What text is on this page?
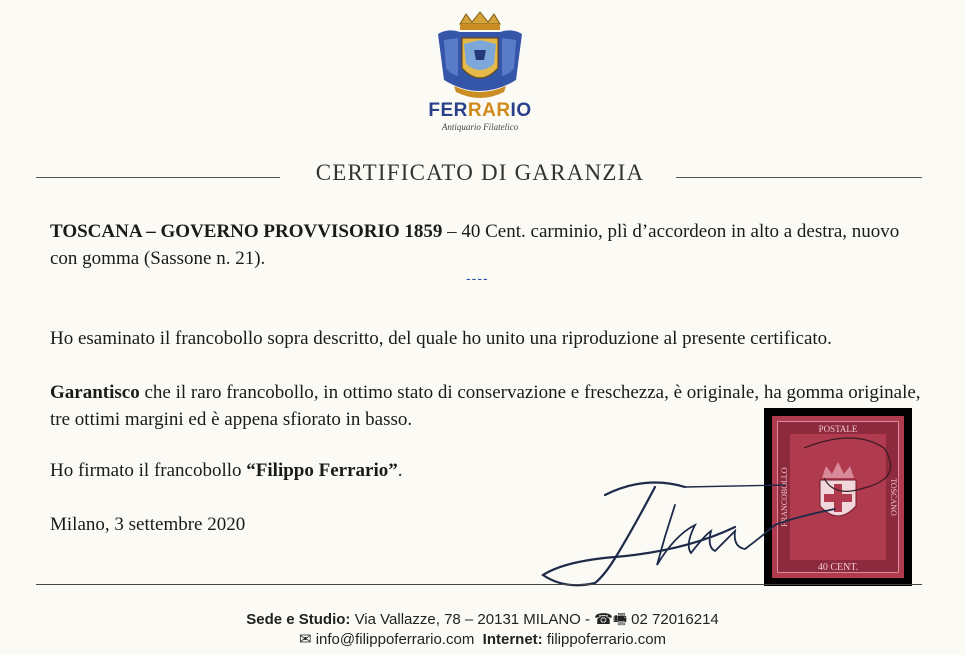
FERRARIO
Antiquario Filatelico
CERTIFICATO DI GARANZIA
TOSCANA – GOVERNO PROVVISORIO 1859 – 40 Cent. carminio, plì d’accordeon in alto a destra, nuovo con gomma (Sassone n. 21).
----
Ho esaminato il francobollo sopra descritto, del quale ho unito una riproduzione al presente certificato.
Garantisco che il raro francobollo, in ottimo stato di conservazione e freschezza, è originale, ha gomma originale, tre ottimi margini ed è appena sfiorato in basso.
Ho firmato il francobollo “Filippo Ferrario”.
Milano, 3 settembre 2020
POSTALE
40 CENT.
FRANCOBOLLO	TOSCANO
Sede e Studio: Via Vallazze, 78 – 20131 MILANO - ☎🖷 02 72016214
✉ info@filippoferrario.com Internet: filippoferrario.com
